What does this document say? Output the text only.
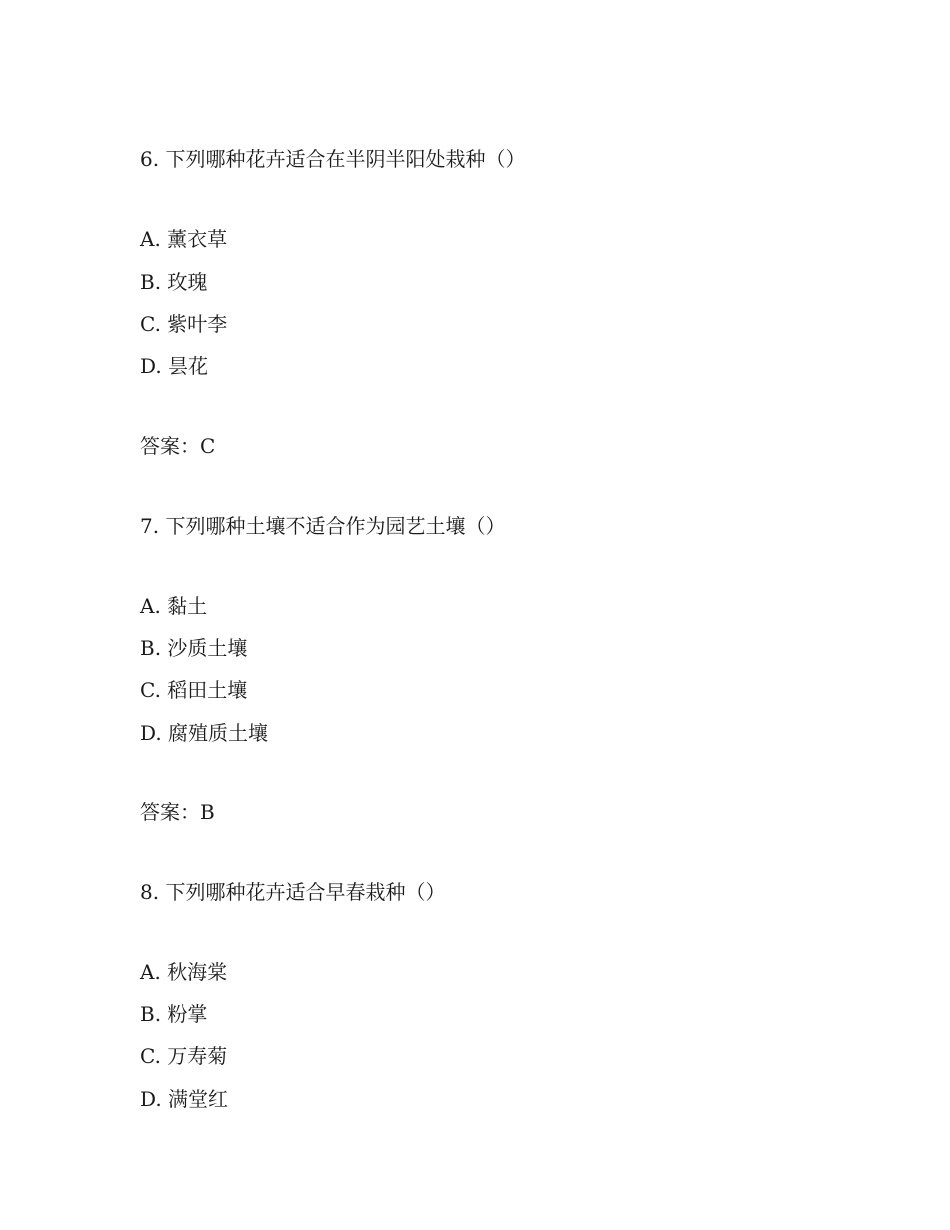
6. 下列哪种花卉适合在半阴半阳处栽种（）
A. 薰衣草
B. 玫瑰
C. 紫叶李
D. 昙花
答案：C
7. 下列哪种土壤不适合作为园艺土壤（）
A. 黏土
B. 沙质土壤
C. 稻田土壤
D. 腐殖质土壤
答案：B
8. 下列哪种花卉适合早春栽种（）
A. 秋海棠
B. 粉掌
C. 万寿菊
D. 满堂红
